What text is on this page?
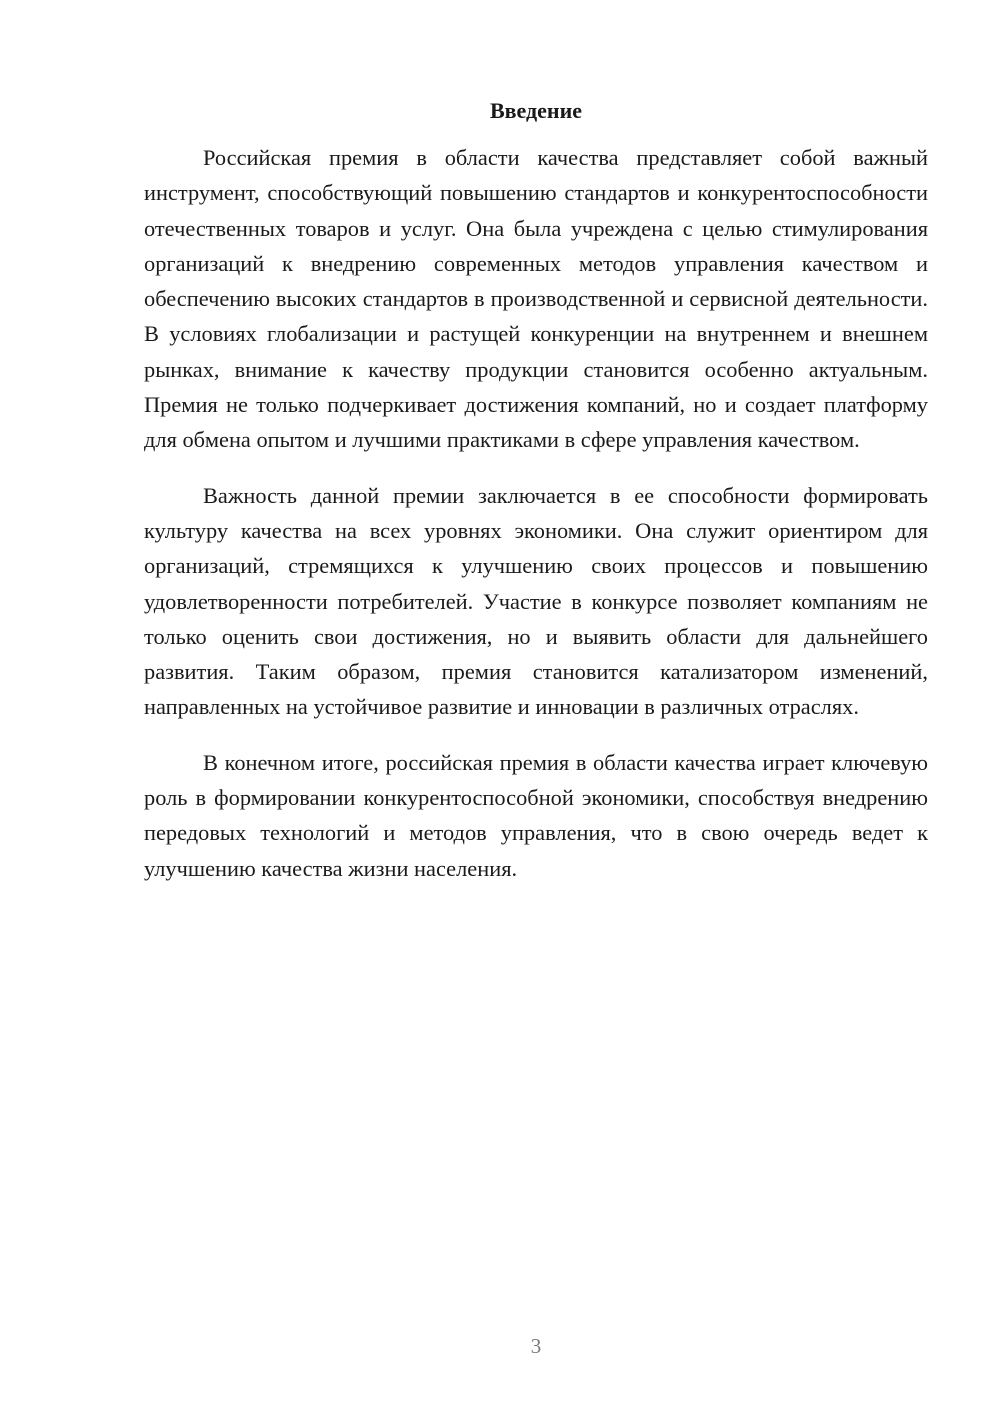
Введение

Российская премия в области качества представляет собой важный инструмент, способствующий повышению стандартов и конкурентоспособности отечественных товаров и услуг. Она была учреждена с целью стимулирования организаций к внедрению современных методов управления качеством и обеспечению высоких стандартов в производственной и сервисной деятельности. В условиях глобализации и растущей конкуренции на внутреннем и внешнем рынках, внимание к качеству продукции становится особенно актуальным. Премия не только подчеркивает достижения компаний, но и создает платформу для обмена опытом и лучшими практиками в сфере управления качеством.

Важность данной премии заключается в ее способности формировать культуру качества на всех уровнях экономики. Она служит ориентиром для организаций, стремящихся к улучшению своих процессов и повышению удовлетворенности потребителей. Участие в конкурсе позволяет компаниям не только оценить свои достижения, но и выявить области для дальнейшего развития. Таким образом, премия становится катализатором изменений, направленных на устойчивое развитие и инновации в различных отраслях.

В конечном итоге, российская премия в области качества играет ключевую роль в формировании конкурентоспособной экономики, способствуя внедрению передовых технологий и методов управления, что в свою очередь ведет к улучшению качества жизни населения.

3
